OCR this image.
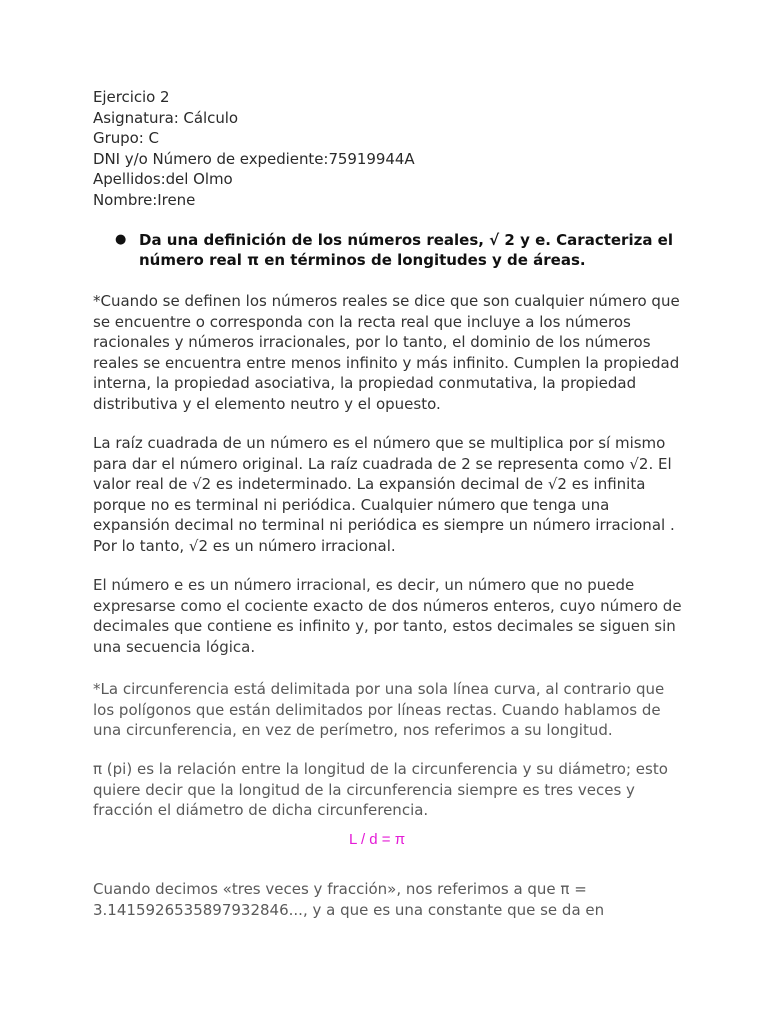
Ejercicio 2
Asignatura: Cálculo
Grupo: C
DNI y/o Número de expediente:75919944A
Apellidos:del Olmo
Nombre:Irene
● Da una definición de los números reales, √ 2 y e. Caracteriza el número real π en términos de longitudes y de áreas.

*Cuando se definen los números reales se dice que son cualquier número que se encuentre o corresponda con la recta real que incluye a los números racionales y números irracionales, por lo tanto, el dominio de los números reales se encuentra entre menos infinito y más infinito. Cumplen la propiedad interna, la propiedad asociativa, la propiedad conmutativa, la propiedad distributiva y el elemento neutro y el opuesto.

La raíz cuadrada de un número es el número que se multiplica por sí mismo para dar el número original. La raíz cuadrada de 2 se representa como √2. El valor real de √2 es indeterminado. La expansión decimal de √2 es infinita porque no es terminal ni periódica. Cualquier número que tenga una expansión decimal no terminal ni periódica es siempre un número irracional . Por lo tanto, √2 es un número irracional.

El número e es un número irracional, es decir, un número que no puede expresarse como el cociente exacto de dos números enteros, cuyo número de decimales que contiene es infinito y, por tanto, estos decimales se siguen sin una secuencia lógica.

*La circunferencia está delimitada por una sola línea curva, al contrario que los polígonos que están delimitados por líneas rectas. Cuando hablamos de una circunferencia, en vez de perímetro, nos referimos a su longitud.

π (pi) es la relación entre la longitud de la circunferencia y su diámetro; esto quiere decir que la longitud de la circunferencia siempre es tres veces y fracción el diámetro de dicha circunferencia.

L / d = π

Cuando decimos «tres veces y fracción», nos referimos a que π = 3.1415926535897932846..., y a que es una constante que se da en
